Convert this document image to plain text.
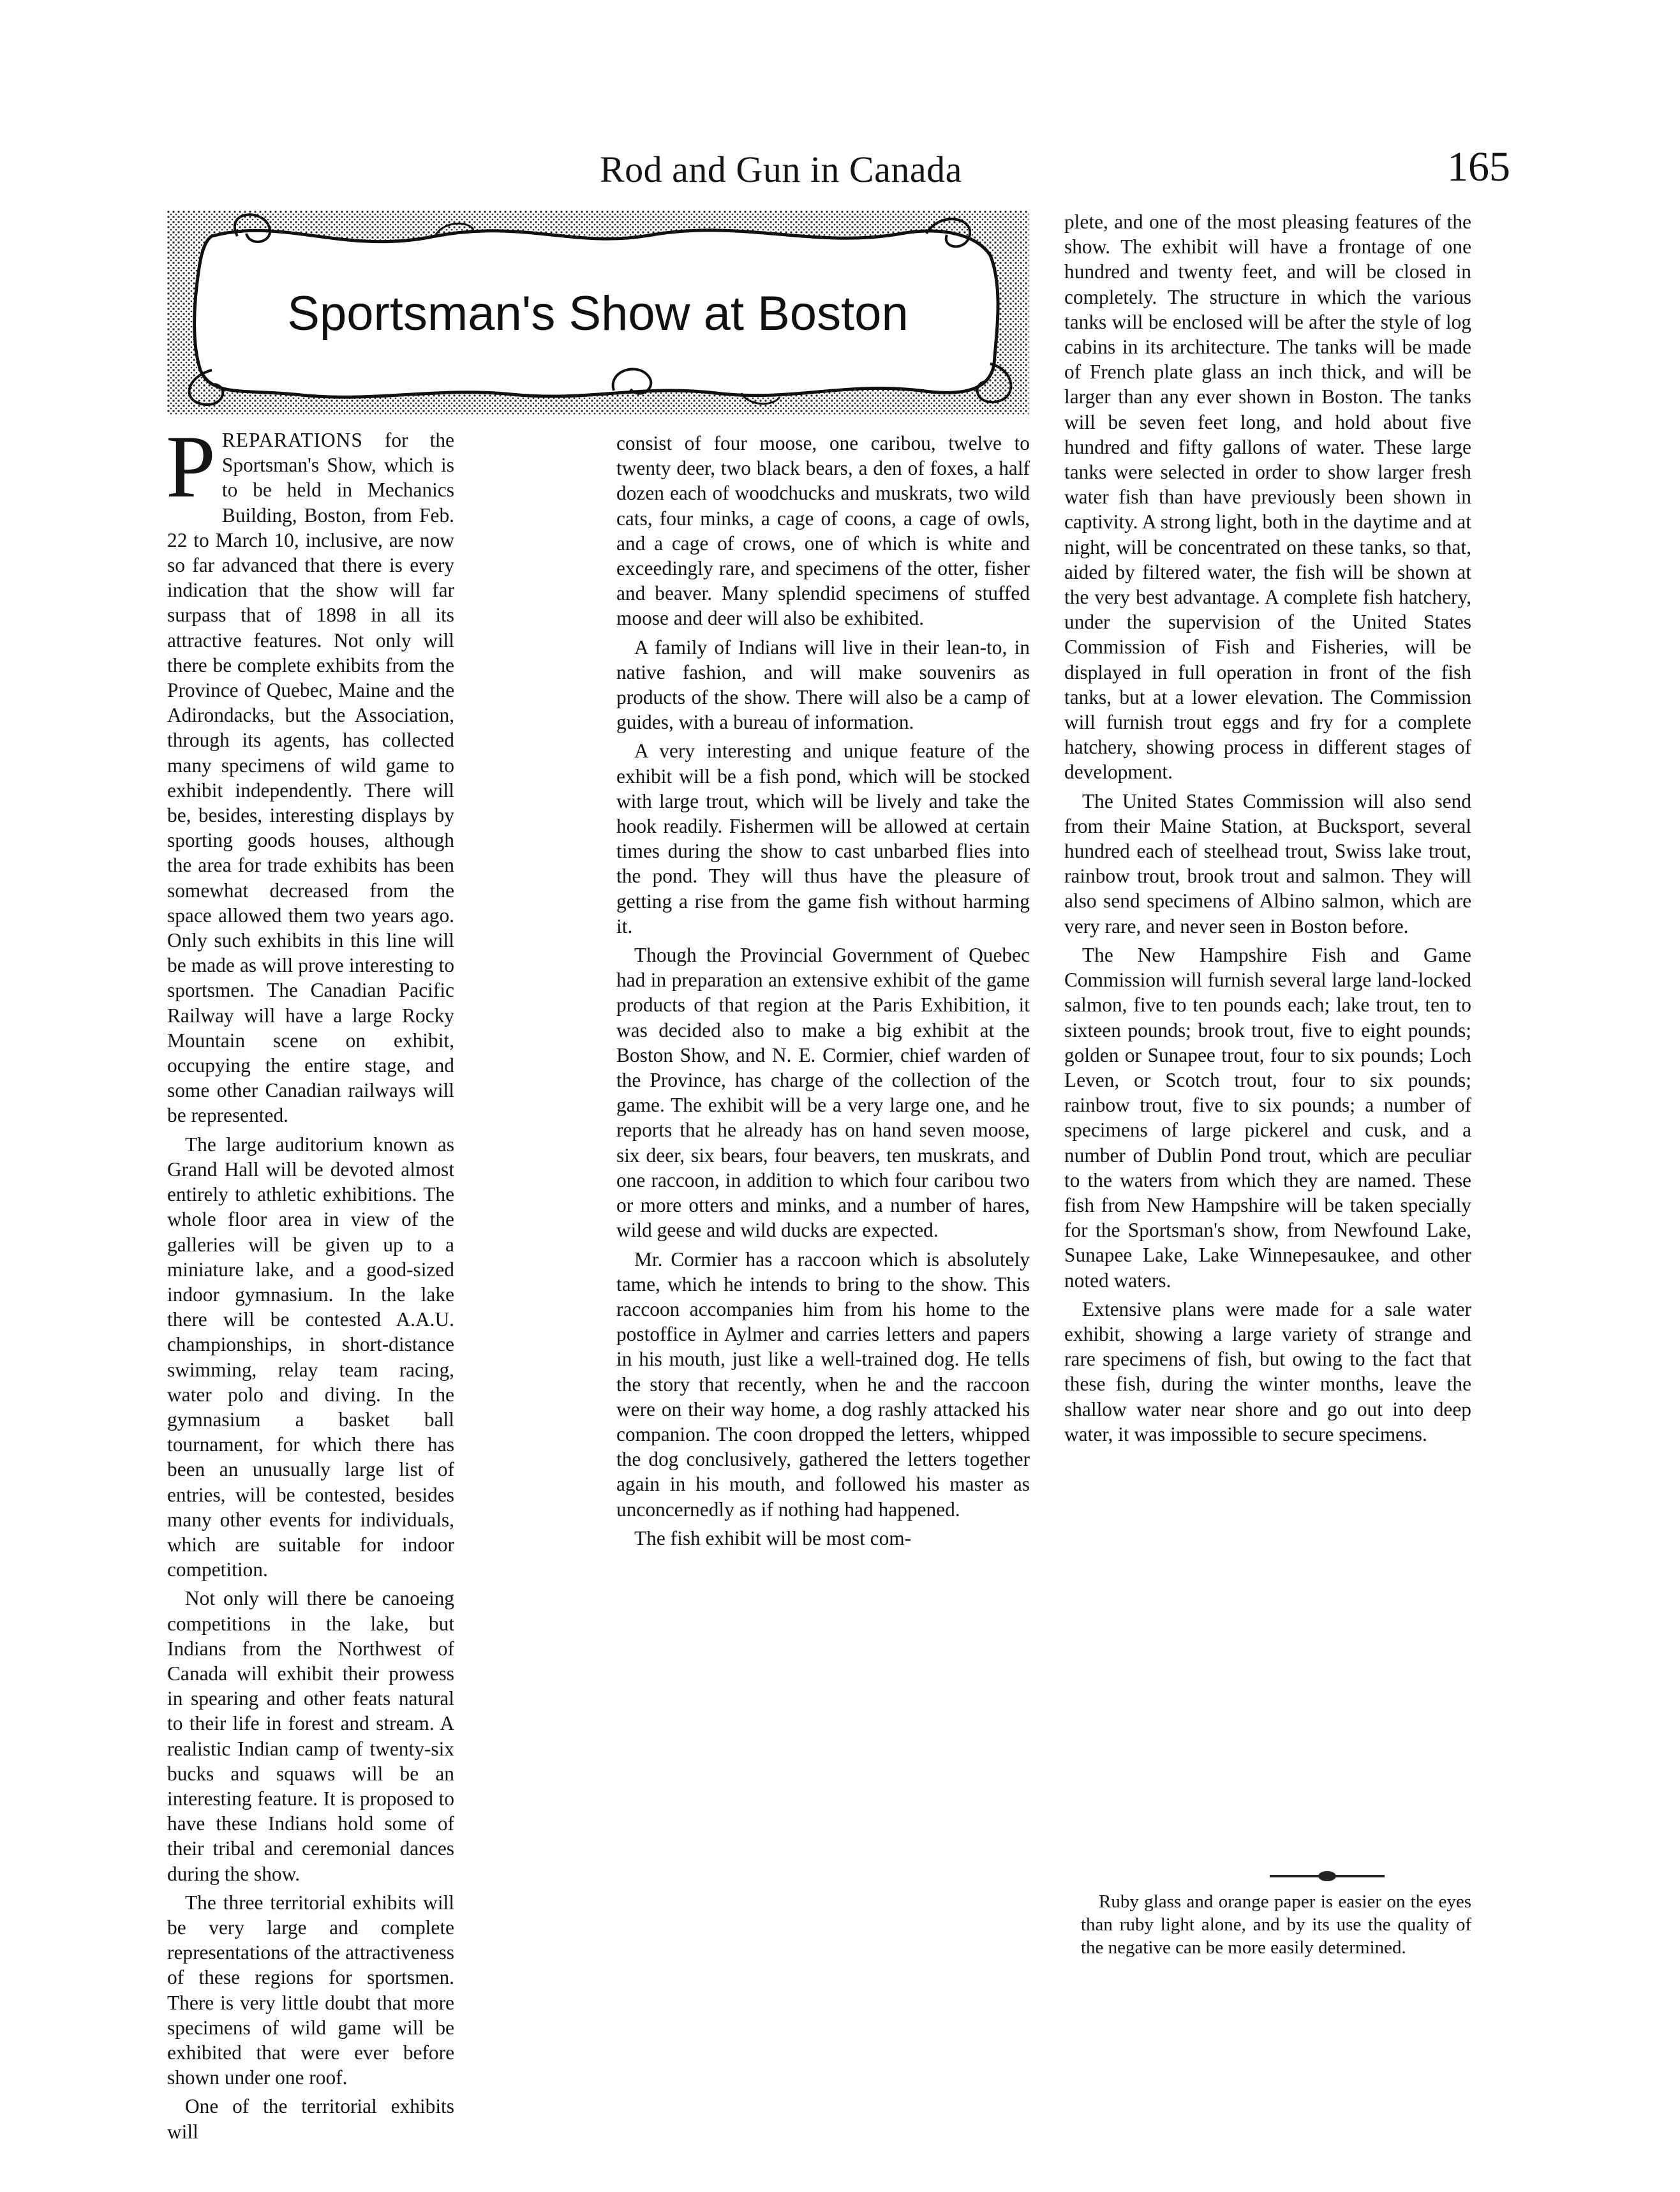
Rod and Gun in Canada	165
Sportsman's Show at Boston

PREPARATIONS for the Sportsman's Show, which is to be held in Mechanics Building, Boston, from Feb. 22 to March 10, inclusive, are now so far advanced that there is every indication that the show will far surpass that of 1898 in all its attractive features. Not only will there be complete exhibits from the Province of Quebec, Maine and the Adirondacks, but the Association, through its agents, has collected many specimens of wild game to exhibit independently. There will be, besides, interesting displays by sporting goods houses, although the area for trade exhibits has been somewhat decreased from the space allowed them two years ago. Only such exhibits in this line will be made as will prove interesting to sportsmen. The Canadian Pacific Railway will have a large Rocky Mountain scene on exhibit, occupying the entire stage, and some other Canadian railways will be represented.

The large auditorium known as Grand Hall will be devoted almost entirely to athletic exhibitions. The whole floor area in view of the galleries will be given up to a miniature lake, and a good-sized indoor gymnasium. In the lake there will be contested A.A.U. championships, in short-distance swimming, relay team racing, water polo and diving. In the gymnasium a basket ball tournament, for which there has been an unusually large list of entries, will be contested, besides many other events for individuals, which are suitable for indoor competition.

Not only will there be canoeing competitions in the lake, but Indians from the Northwest of Canada will exhibit their prowess in spearing and other feats natural to their life in forest and stream. A realistic Indian camp of twenty-six bucks and squaws will be an interesting feature. It is proposed to have these Indians hold some of their tribal and ceremonial dances during the show.

The three territorial exhibits will be very large and complete representations of the attractiveness of these regions for sportsmen. There is very little doubt that more specimens of wild game will be exhibited that were ever before shown under one roof.

One of the territorial exhibits will

consist of four moose, one caribou, twelve to twenty deer, two black bears, a den of foxes, a half dozen each of woodchucks and muskrats, two wild cats, four minks, a cage of coons, a cage of owls, and a cage of crows, one of which is white and exceedingly rare, and specimens of the otter, fisher and beaver. Many splendid specimens of stuffed moose and deer will also be exhibited.

A family of Indians will live in their lean-to, in native fashion, and will make souvenirs as products of the show. There will also be a camp of guides, with a bureau of information.

A very interesting and unique feature of the exhibit will be a fish pond, which will be stocked with large trout, which will be lively and take the hook readily. Fishermen will be allowed at certain times during the show to cast unbarbed flies into the pond. They will thus have the pleasure of getting a rise from the game fish without harming it.

Though the Provincial Government of Quebec had in preparation an extensive exhibit of the game products of that region at the Paris Exhibition, it was decided also to make a big exhibit at the Boston Show, and N. E. Cormier, chief warden of the Province, has charge of the collection of the game. The exhibit will be a very large one, and he reports that he already has on hand seven moose, six deer, six bears, four beavers, ten muskrats, and one raccoon, in addition to which four caribou two or more otters and minks, and a number of hares, wild geese and wild ducks are expected.

Mr. Cormier has a raccoon which is absolutely tame, which he intends to bring to the show. This raccoon accompanies him from his home to the postoffice in Aylmer and carries letters and papers in his mouth, just like a well-trained dog. He tells the story that recently, when he and the raccoon were on their way home, a dog rashly attacked his companion. The coon dropped the letters, whipped the dog conclusively, gathered the letters together again in his mouth, and followed his master as unconcernedly as if nothing had happened.

The fish exhibit will be most com-

plete, and one of the most pleasing features of the show. The exhibit will have a frontage of one hundred and twenty feet, and will be closed in completely. The structure in which the various tanks will be enclosed will be after the style of log cabins in its architecture. The tanks will be made of French plate glass an inch thick, and will be larger than any ever shown in Boston. The tanks will be seven feet long, and hold about five hundred and fifty gallons of water. These large tanks were selected in order to show larger fresh water fish than have previously been shown in captivity. A strong light, both in the daytime and at night, will be concentrated on these tanks, so that, aided by filtered water, the fish will be shown at the very best advantage. A complete fish hatchery, under the supervision of the United States Commission of Fish and Fisheries, will be displayed in full operation in front of the fish tanks, but at a lower elevation. The Commission will furnish trout eggs and fry for a complete hatchery, showing process in different stages of development.

The United States Commission will also send from their Maine Station, at Bucksport, several hundred each of steelhead trout, Swiss lake trout, rainbow trout, brook trout and salmon. They will also send specimens of Albino salmon, which are very rare, and never seen in Boston before.

The New Hampshire Fish and Game Commission will furnish several large land-locked salmon, five to ten pounds each; lake trout, ten to sixteen pounds; brook trout, five to eight pounds; golden or Sunapee trout, four to six pounds; Loch Leven, or Scotch trout, four to six pounds; rainbow trout, five to six pounds; a number of specimens of large pickerel and cusk, and a number of Dublin Pond trout, which are peculiar to the waters from which they are named. These fish from New Hampshire will be taken specially for the Sportsman's show, from Newfound Lake, Sunapee Lake, Lake Winnepesaukee, and other noted waters.

Extensive plans were made for a sale water exhibit, showing a large variety of strange and rare specimens of fish, but owing to the fact that these fish, during the winter months, leave the shallow water near shore and go out into deep water, it was impossible to secure specimens.

Ruby glass and orange paper is easier on the eyes than ruby light alone, and by its use the quality of the negative can be more easily determined.
